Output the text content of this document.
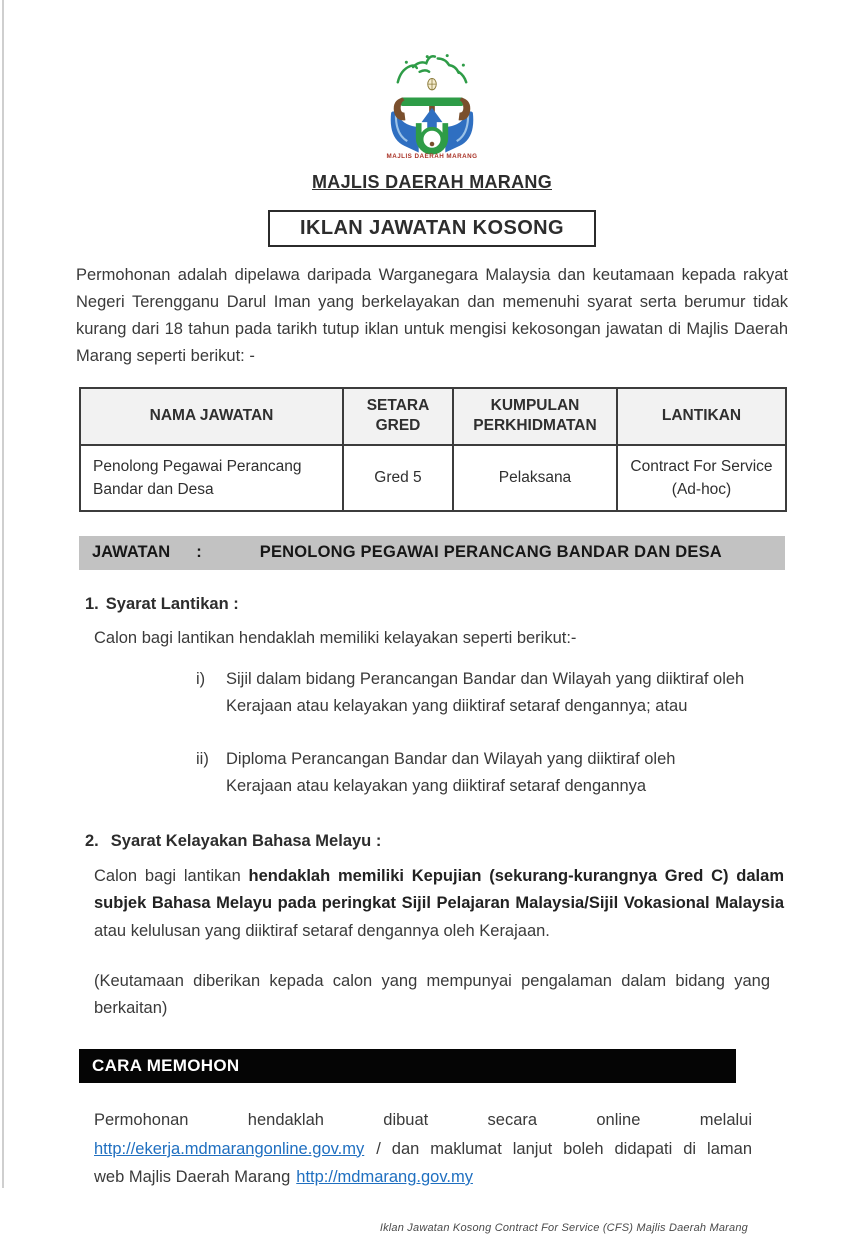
MAJLIS DAERAH MARANG
MAJLIS DAERAH MARANG
IKLAN JAWATAN KOSONG

Permohonan adalah dipelawa daripada Warganegara Malaysia dan keutamaan kepada rakyat Negeri Terengganu Darul Iman yang berkelayakan dan memenuhi syarat serta berumur tidak kurang dari 18 tahun pada tarikh tutup iklan untuk mengisi kekosongan jawatan di Majlis Daerah Marang seperti berikut: -

NAMA JAWATAN	SETARA GRED	KUMPULAN PERKHIDMATAN	LANTIKAN
Penolong Pegawai Perancang Bandar dan Desa	Gred 5	Pelaksana	Contract For Service (Ad-hoc)
JAWATAN :	PENOLONG PEGAWAI PERANCANG BANDAR DAN DESA
1. Syarat Lantikan :
Calon bagi lantikan hendaklah memiliki kelayakan seperti berikut:-
i)	Sijil dalam bidang Perancangan Bandar dan Wilayah yang diiktiraf oleh Kerajaan atau kelayakan yang diiktiraf setaraf dengannya; atau
ii)	Diploma Perancangan Bandar dan Wilayah yang diiktiraf oleh Kerajaan atau kelayakan yang diiktiraf setaraf dengannya
2. Syarat Kelayakan Bahasa Melayu :

Calon bagi lantikan hendaklah memiliki Kepujian (sekurang-kurangnya Gred C) dalam subjek Bahasa Melayu pada peringkat Sijil Pelajaran Malaysia/Sijil Vokasional Malaysia atau kelulusan yang diiktiraf setaraf dengannya oleh Kerajaan.

(Keutamaan diberikan kepada calon yang mempunyai pengalaman dalam bidang yang berkaitan)

CARA MEMOHON
Permohonan hendaklah dibuat secara online melalui
http://ekerja.mdmarangonline.gov.my / dan maklumat lanjut boleh didapati di laman
web Majlis Daerah Marang http://mdmarang.gov.my
Iklan Jawatan Kosong Contract For Service (CFS) Majlis Daerah Marang
